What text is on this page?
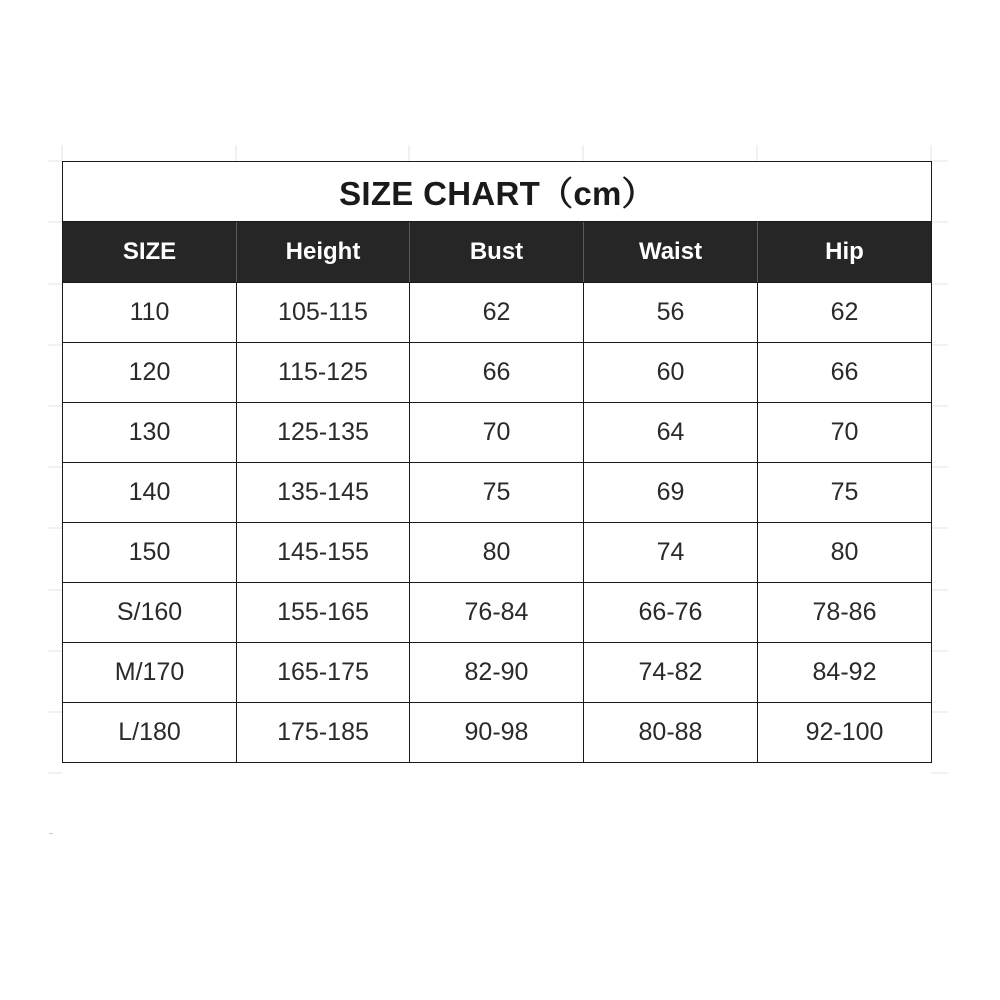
SIZE CHART（cm）				
SIZE	Height	Bust	Waist	Hip
110	105-115	62	56	62
120	115-125	66	60	66
130	125-135	70	64	70
140	135-145	75	69	75
150	145-155	80	74	80
S/160	155-165	76-84	66-76	78-86
M/170	165-175	82-90	74-82	84-92
L/180	175-185	90-98	80-88	92-100
